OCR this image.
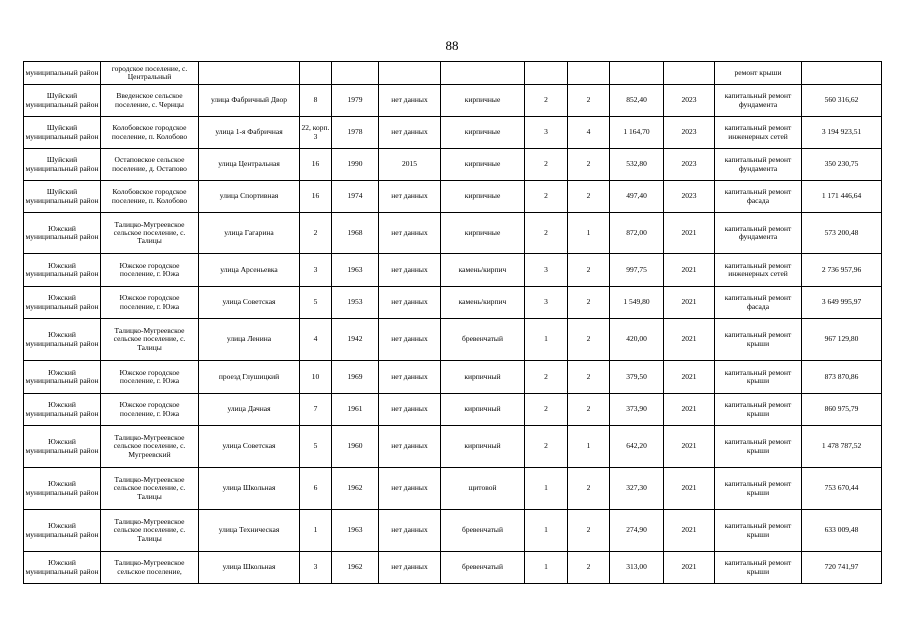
88
муниципальный район	городское поселение, с. Центральный										ремонт крыши	
Шуйский муниципальный район	Введенское сельское поселение, с. Чернцы	улица Фабричный Двор	8	1979	нет данных	кирпичные	2	2	852,40	2023	капитальный ремонт фундамента	560 316,62
Шуйский муниципальный район	Колобовское городское поселение, п. Колобово	улица 1-я Фабричная	22, корп. 3	1978	нет данных	кирпичные	3	4	1 164,70	2023	капитальный ремонт инженерных сетей	3 194 923,51
Шуйский муниципальный район	Остаповское сельское поселение, д. Остапово	улица Центральная	16	1990	2015	кирпичные	2	2	532,80	2023	капитальный ремонт фундамента	350 230,75
Шуйский муниципальный район	Колобовское городское поселение, п. Колобово	улица Спортивная	16	1974	нет данных	кирпичные	2	2	497,40	2023	капитальный ремонт фасада	1 171 446,64
Южский муниципальный район	Талицко-Мугреевское сельское поселение, с. Талицы	улица Гагарина	2	1968	нет данных	кирпичные	2	1	872,00	2021	капитальный ремонт фундамента	573 200,48
Южский муниципальный район	Южское городское поселение, г. Южа	улица Арсеньевка	3	1963	нет данных	камень/кирпич	3	2	997,75	2021	капитальный ремонт инженерных сетей	2 736 957,96
Южский муниципальный район	Южское городское поселение, г. Южа	улица Советская	5	1953	нет данных	камень/кирпич	3	2	1 549,80	2021	капитальный ремонт фасада	3 649 995,97
Южский муниципальный район	Талицко-Мугреевское сельское поселение, с. Талицы	улица Ленина	4	1942	нет данных	бревенчатый	1	2	420,00	2021	капитальный ремонт крыши	967 129,80
Южский муниципальный район	Южское городское поселение, г. Южа	проезд Глушицкий	10	1969	нет данных	кирпичный	2	2	379,50	2021	капитальный ремонт крыши	873 870,86
Южский муниципальный район	Южское городское поселение, г. Южа	улица Дачная	7	1961	нет данных	кирпичный	2	2	373,90	2021	капитальный ремонт крыши	860 975,79
Южский муниципальный район	Талицко-Мугреевское сельское поселение, с. Мугреевский	улица Советская	5	1960	нет данных	кирпичный	2	1	642,20	2021	капитальный ремонт крыши	1 478 787,52
Южский муниципальный район	Талицко-Мугреевское сельское поселение, с. Талицы	улица Школьная	6	1962	нет данных	щитовой	1	2	327,30	2021	капитальный ремонт крыши	753 670,44
Южский муниципальный район	Талицко-Мугреевское сельское поселение, с. Талицы	улица Техническая	1	1963	нет данных	бревенчатый	1	2	274,90	2021	капитальный ремонт крыши	633 009,48
Южский муниципальный район	Талицко-Мугреевское сельское поселение,	улица Школьная	3	1962	нет данных	бревенчатый	1	2	313,00	2021	капитальный ремонт крыши	720 741,97
